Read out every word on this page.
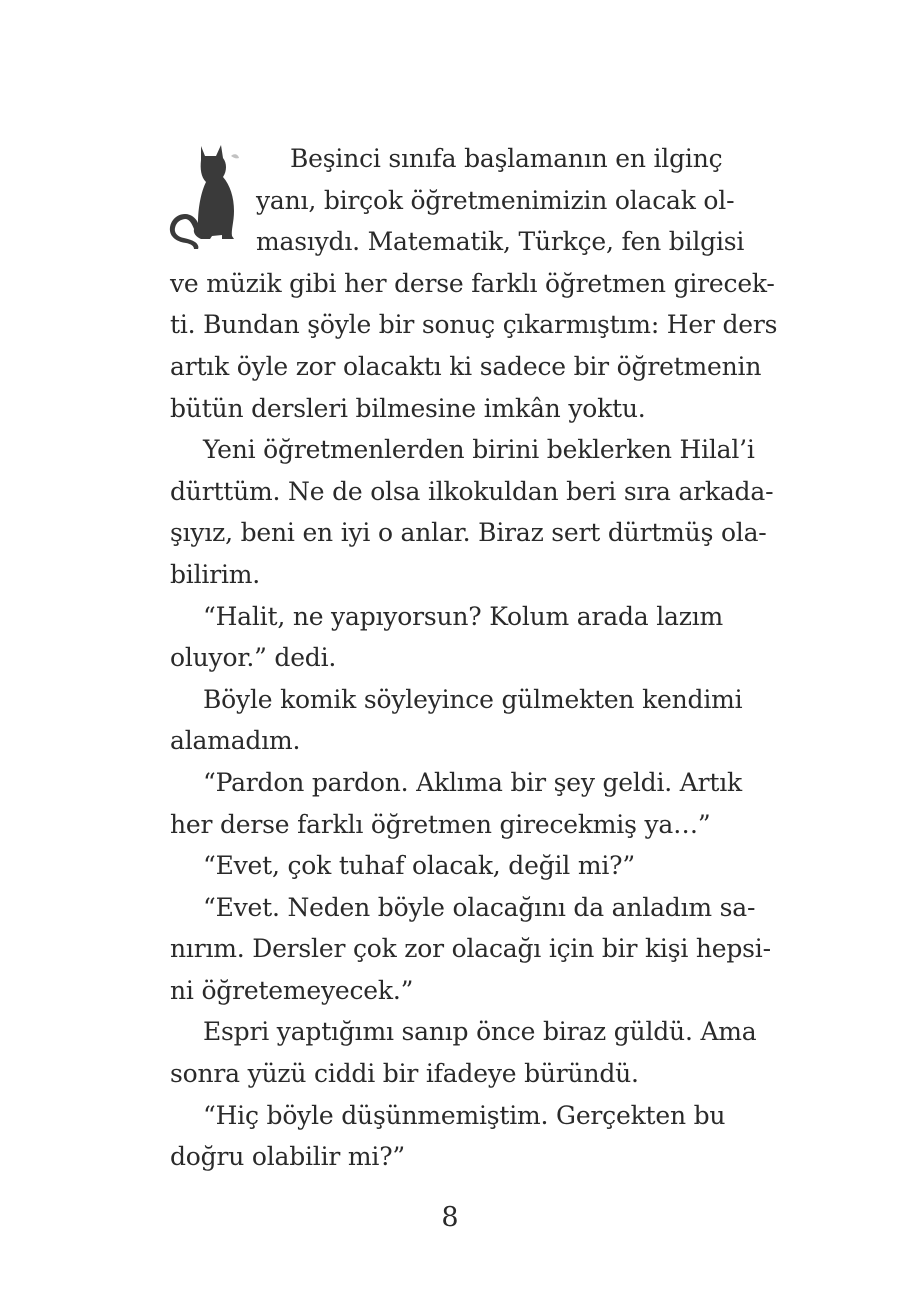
Beşinci sınıfa başlamanın en ilginç
yanı, birçok öğretmenimizin olacak ol-
masıydı. Matematik, Türkçe, fen bilgisi
ve müzik gibi her derse farklı öğretmen girecek-
ti. Bundan şöyle bir sonuç çıkarmıştım: Her ders
artık öyle zor olacaktı ki sadece bir öğretmenin
bütün dersleri bilmesine imkân yoktu.
Yeni öğretmenlerden birini beklerken Hilal’i
dürttüm. Ne de olsa ilkokuldan beri sıra arkada-
şıyız, beni en iyi o anlar. Biraz sert dürtmüş ola-
bilirim.
“Halit, ne yapıyorsun? Kolum arada lazım
oluyor.” dedi.
Böyle komik söyleyince gülmekten kendimi
alamadım.
“Pardon pardon. Aklıma bir şey geldi. Artık
her derse farklı öğretmen girecekmiş ya…”
“Evet, çok tuhaf olacak, değil mi?”
“Evet. Neden böyle olacağını da anladım sa-
nırım. Dersler çok zor olacağı için bir kişi hepsi-
ni öğretemeyecek.”
Espri yaptığımı sanıp önce biraz güldü. Ama
sonra yüzü ciddi bir ifadeye büründü.
“Hiç böyle düşünmemiştim. Gerçekten bu
doğru olabilir mi?”
8
